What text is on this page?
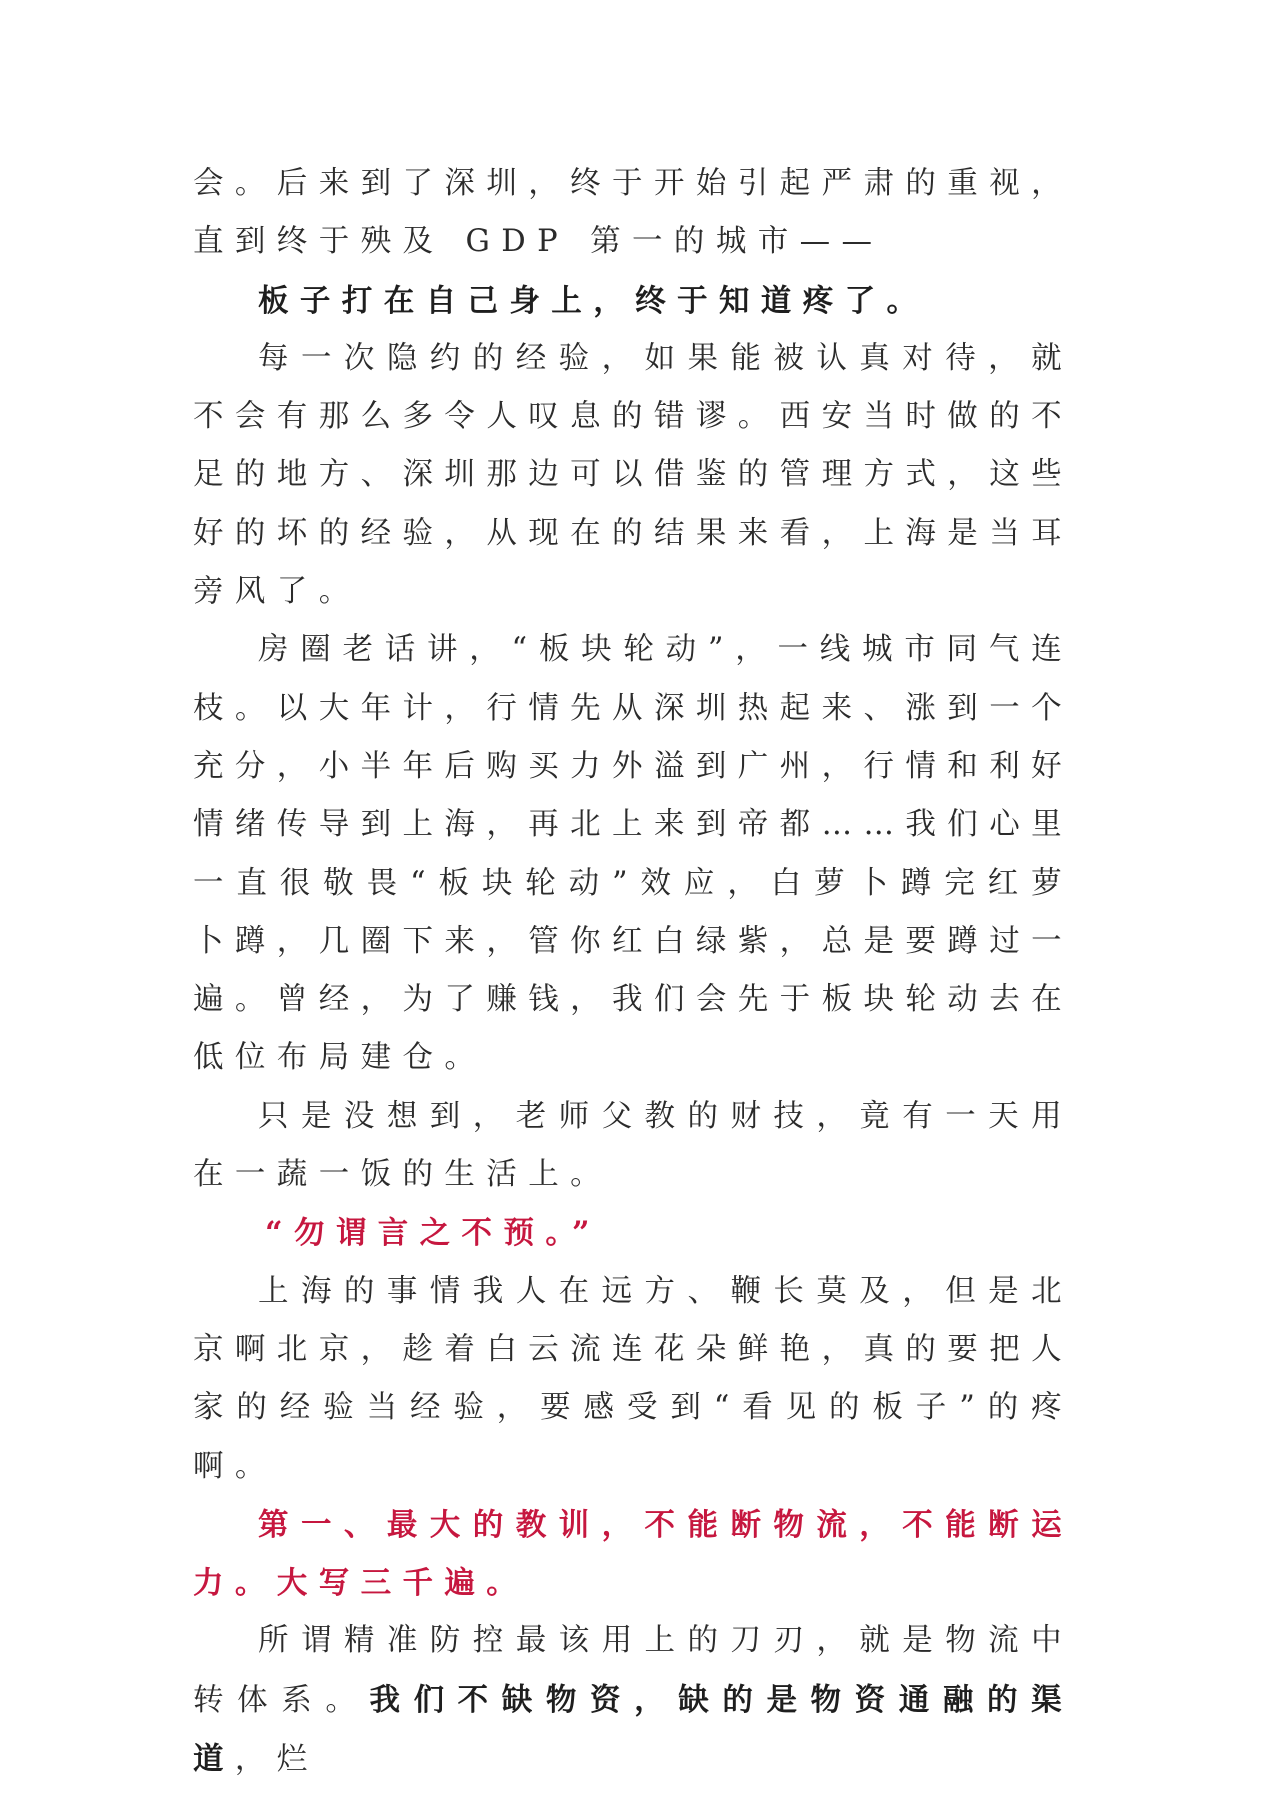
会。后来到了深圳，终于开始引起严肃的重视，直到终于殃及 GDP 第一的城市——

板子打在自己身上，终于知道疼了。

每一次隐约的经验，如果能被认真对待，就不会有那么多令人叹息的错谬。西安当时做的不足的地方、深圳那边可以借鉴的管理方式，这些好的坏的经验，从现在的结果来看，上海是当耳旁风了。

房圈老话讲，“板块轮动”，一线城市同气连枝。以大年计，行情先从深圳热起来、涨到一个充分，小半年后购买力外溢到广州，行情和利好情绪传导到上海，再北上来到帝都……我们心里一直很敬畏“板块轮动”效应，白萝卜蹲完红萝卜蹲，几圈下来，管你红白绿紫，总是要蹲过一遍。曾经，为了赚钱，我们会先于板块轮动去在低位布局建仓。

只是没想到，老师父教的财技，竟有一天用在一蔬一饭的生活上。

“勿谓言之不预。”

上海的事情我人在远方、鞭长莫及，但是北京啊北京，趁着白云流连花朵鲜艳，真的要把人家的经验当经验，要感受到“看见的板子”的疼啊。

第一、最大的教训，不能断物流，不能断运力。大写三千遍。

所谓精准防控最该用上的刀刃，就是物流中转体系。我们不缺物资，缺的是物资通融的渠道，烂
